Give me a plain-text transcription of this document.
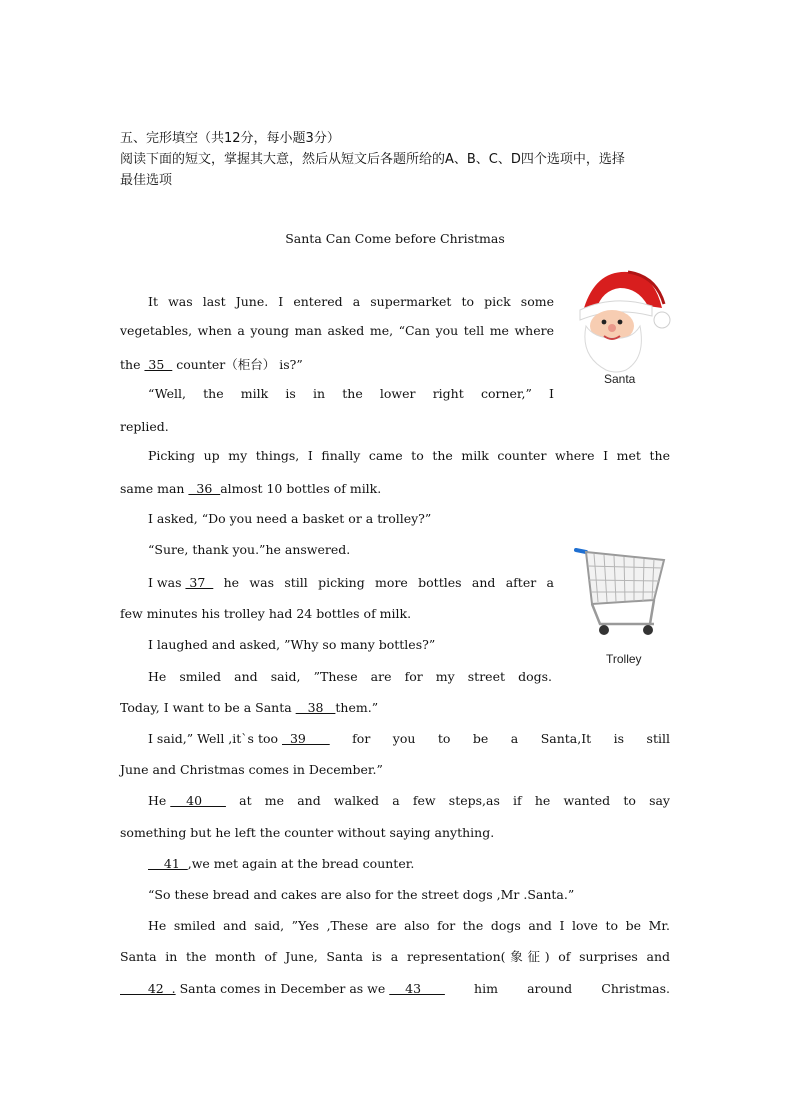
五、完形填空（共12分，每小题3分）
阅读下面的短文，掌握其大意，然后从短文后各题所给的A、B、C、D四个选项中，选择
最佳选项
Santa Can Come before Christmas
Santa
Trolley
It was last June. I entered a supermarket to pick some
vegetables, when a young man asked me, “Can you tell me where
the  35   counter（柜台） is?”
“Well, the milk is in the lower right corner,” I
replied.
Picking up my things, I finally came to the milk counter where I met the
same man   36  almost 10 bottles of milk.
I asked, “Do you need a basket or a trolley?”
“Sure, thank you.”he answered.
I was  37 he was still picking more bottles and after a
few minutes his trolley had 24 bottles of milk.
I laughed and asked, ”Why so many bottles?”
He smiled and said, ”These are for my street dogs.
Today, I want to be a Santa    38   them.”
I said,” Well ,it`s too   39 for you to be a Santa,It is still
June and Christmas comes in December.”
He     40 at me and walked a few steps,as if he wanted to say
something but he left the counter without saying anything.
41  ,we met again at the bread counter.
“So these bread and cakes are also for the street dogs ,Mr .Santa.”
He smiled and said, ”Yes ,These are also for the dogs and I love to be Mr.
Santa in the month of June, Santa is a representation(象征) of surprises and
42  . Santa comes in December as we 43 him around Christmas.
